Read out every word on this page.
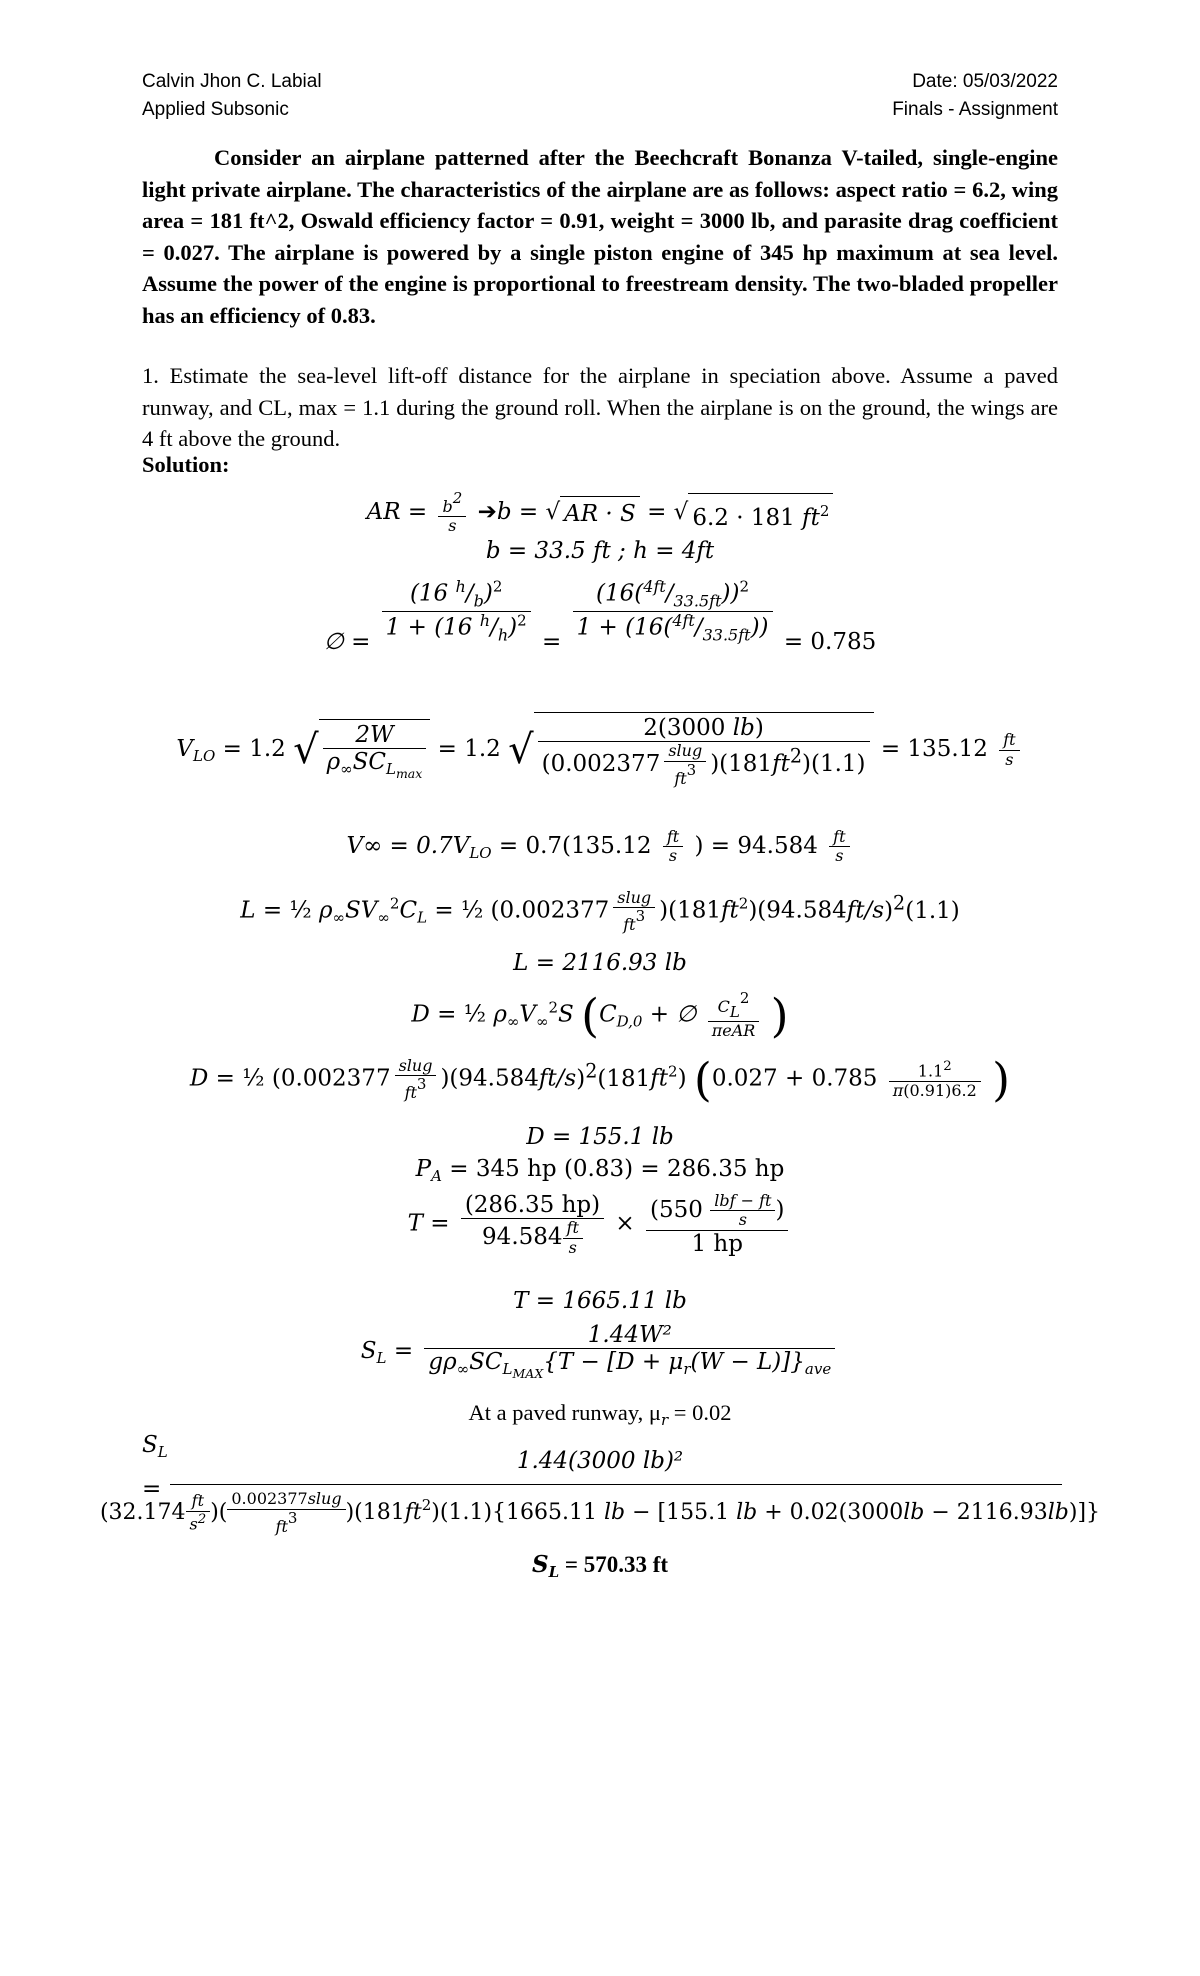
Calvin Jhon C. Labial
Applied Subsonic
Date: 05/03/2022
Finals - Assignment
Consider an airplane patterned after the Beechcraft Bonanza V-tailed, single-engine light private airplane. The characteristics of the airplane are as follows: aspect ratio = 6.2, wing area = 181 ft^2, Oswald efficiency factor = 0.91, weight = 3000 lb, and parasite drag coefficient = 0.027. The airplane is powered by a single piston engine of 345 hp maximum at sea level. Assume the power of the engine is proportional to freestream density. The two-bladed propeller has an efficiency of 0.83.
1. Estimate the sea-level lift-off distance for the airplane in speciation above. Assume a paved runway, and CL, max = 1.1 during the ground roll. When the airplane is on the ground, the wings are 4 ft above the ground.
Solution:
AR = $\frac{b2}{s}$ ➔b = √ AR · S = √ 6.2 · 181 $ft^2$
b = 33.5 ft ; h = 4ft
∅ = $\frac{(16 ^h/_b)^2}{1 + (16 ^h/_h)^2} = \frac{(16(^{4ft}/_{33.5ft}))^2}{1 + (16(^{4ft}/_{33.5ft}))} = 0.785$
$V_{LO} = 1.2$ √ $\frac{2W}{\rho_\infty SC_{L_{max}}} = 1.2$ √ $\frac{2(3000 lb)}{(0.002377 \frac{\text{slug}}{ft3} )(181ft^2)(1.1)} = 135.12 \frac{ft}{s}$
$V\infty = 0.7V_{LO} = 0.7(135.12 \frac{ft}{s}$ ) = $94.584 \frac{ft}{s}$
L = ½ $\rho_\infty SV_\infty^2C_L$ = ½ $(0.002377 \frac{\text{slug}}{ft3} )(181ft^2)(94.584ft/s)^2(1.1)$
L = 2116.93 lb
D = ½ $\rho_\infty V_\infty^2S$ ($C_{D,0}$ + ∅ $\frac{CL2}{\text{πeAR}}$ )
D = ½ $(0.002377 \frac{\text{slug}}{ft3} )(94.584ft/s)^2(181ft^2)$ ($0.027 + 0.785 \frac{1.1^2}{\pi(0.91)6.2}$ )
D = 155.1 lb
$P_A = 345$ hp (0.83) = 286.35 hp
$T = \frac{(286.35 hp)}{94.584 \frac{ft}{s}} \times \frac{(550 \frac{\text{lbf − ft}}{s} )}{1 hp}$
T = 1665.11 lb
$S_L = \frac{\text{1.44W²}}{g\rho_\infty SC_{L_{MAX}}\{T - [D + \mu_r(W - L)]\}_{ave}}$
At a paved runway, $\mu_r = 0.02$
$S_L$
=
1.44(3000 lb)²
($32.174 \frac{ft}{s^2}$ )( $\frac{\text{0.002377slug}}{ft3} )(181ft^2)(1.1)\{1665.11$ lb − [155.1 lb + 0.02(3000lb − 2116.93lb)]}
$S_L = 570.33$ ft
